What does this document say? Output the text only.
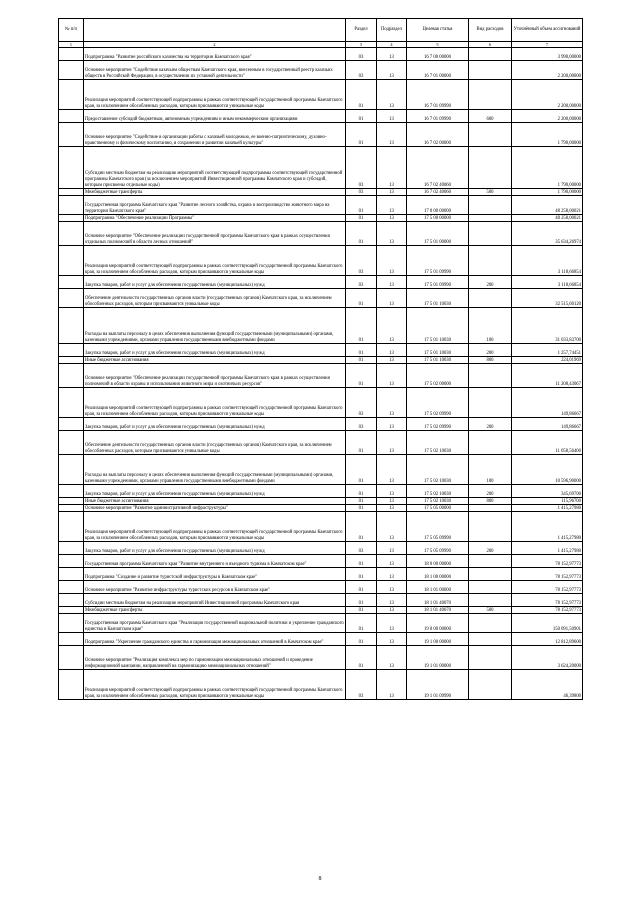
№ п/п		Раздел	Подраздел	Целевая статья	Вид расходов	Уточнённый объем ассигнований
1	2	3	4	5	6	7
	Подпрограмма "Развитие российского казачества на территории Камчатского края"	03	13	16 7 00 00000		3 990,00000
	Основное мероприятие "Содействие казачьим обществам Камчатского края, внесенным в государственный реестр казачьих обществ в Российской Федерации, в осуществлении их уставной деятельности"	03	13	16 7 01 00000		2 200,00000
	Реализация мероприятий соответствующей подпрограммы в рамках соответствующей государственной программы Камчатского края, за исключением обособленных расходов, которым присваиваются уникальные коды	01	13	16 7 01 09990		2 200,00000
	Предоставление субсидий бюджетным, автономным учреждениям и иным некоммерческим организациям	01	13	16 7 01 09990	600	2 200,00000
	Основное мероприятие "Содействие в организации работы с казачьей молодежью, ее военно-патриотическому, духовно-нравственному и физическому воспитанию, в сохранении и развитии казачьей культуры"	01	13	16 7 02 00000		1 790,00000
	Субсидии местным бюджетам на реализацию мероприятий соответствующей подпрограммы соответствующей государственной программы Камчатского края (за исключением мероприятий Инвестиционной программы Камчатского края и субсидий, которым присвоены отдельные коды)	03	13	16 7 02 40060		1 790,00000
	Межбюджетные трансферты	03	13	16 7 02 40060	500	1 790,00000
	Государственная программа Камчатского края "Развитие лесного хозяйства, охрана и воспроизводство животного мира на территории Камчатского края"	01	13	17 0 00 00000		48 258,00021
	Подпрограмма "Обеспечение реализации Программы"	01	13	17 5 00 00000		48 258,00021
	Основное мероприятие "Обеспечение реализации государственной программы Камчатского края в рамках осуществления отдельных полномочий в области лесных отношений"	01	13	17 5 01 00000		35 634,26974
	Реализация мероприятий соответствующей подпрограммы в рамках соответствующей государственной программы Камчатского края, за исключением обособленных расходов, которым присваиваются уникальные коды	03	13	17 5 01 09990		3 118,66854
	Закупка товаров, работ и услуг для обеспечения государственных (муниципальных) нужд	03	13	17 5 01 09990	200	3 118,66854
	Обеспечение деятельности государственных органов власти (государственных органов) Камчатского края, за исключением обособленных расходов, которым присваиваются уникальные коды	01	13	17 5 01 10030		32 515,60120
	Расходы на выплаты персоналу в целях обеспечения выполнения функций государственными (муниципальными) органами, казенными учреждениями, органами управления государственными внебюджетными фондами	01	13	17 5 01 10030	100	31 033,83700
	Закупка товаров, работ и услуг для обеспечения государственных (муниципальных) нужд	01	13	17 5 01 10030	200	1 257,74451
	Иные бюджетные ассигнования	01	13	17 5 01 10030	800	224,01969
	Основное мероприятие "Обеспечение реализации государственной программы Камчатского края в рамках осуществления полномочий в области охраны и использования животного мира и охотничьих ресурсов"	01	13	17 5 02 00000		11 208,43067
	Реализация мероприятий соответствующей подпрограммы в рамках соответствующей государственной программы Камчатского края, за исключением обособленных расходов, которым присваиваются уникальные коды	03	13	17 5 02 09990		149,86667
	Закупка товаров, работ и услуг для обеспечения государственных (муниципальных) нужд	03	13	17 5 02 09990	200	149,86667
	Обеспечение деятельности государственных органов власти (государственных органов) Камчатского края, за исключением обособленных расходов, которым присваиваются уникальные коды	01	13	17 5 02 10030		11 058,56400
	Расходы на выплаты персоналу в целях обеспечения выполнения функций государственными (муниципальными) органами, казенными учреждениями, органами управления государственными внебюджетными фондами	01	13	17 5 02 10030	100	10 596,90000
	Закупка товаров, работ и услуг для обеспечения государственных (муниципальных) нужд	01	13	17 5 02 10030	200	345,69700
	Иные бюджетные ассигнования	01	13	17 5 02 10030	800	115,96700
	Основное мероприятие "Развитие административной инфраструктуры"	01	13	17 5 05 00000		1 415,27980
	Реализация мероприятий соответствующей подпрограммы в рамках соответствующей государственной программы Камчатского края, за исключением обособленных расходов, которым присваиваются уникальные коды	01	13	17 5 05 09990		1 415,27980
	Закупка товаров, работ и услуг для обеспечения государственных (муниципальных) нужд	03	13	17 5 05 09990	200	1 415,27980
	Государственная программа Камчатского края "Развитие внутреннего и въездного туризма в Камчатском крае"	01	13	18 0 00 00000		78 152,97773
	Подпрограмма "Создание и развитие туристской инфраструктуры в Камчатском крае"	01	13	18 1 00 00000		78 152,97773
	Основное мероприятие "Развитие инфраструктуры туристских ресурсов в Камчатском крае"	01	13	18 1 01 00000		78 152,97773
	Субсидии местным бюджетам на реализацию мероприятий Инвестиционной программы Камчатского края	01	13	18 1 01 40070		78 152,97773
	Межбюджетные трансферты	01	13	18 1 01 40070	500	78 152,97773
	Государственная программа Камчатского края "Реализация государственной национальной политики и укрепление гражданского единства в Камчатском крае"	01	13	19 0 00 00000		150 091,50901
	Подпрограмма "Укрепление гражданского единства и гармонизация межнациональных отношений в Камчатском крае"	01	13	19 1 00 00000		12 812,89600
	Основное мероприятие "Реализация комплекса мер по гармонизации межнациональных отношений и проведение информационной кампании, направленной на гармонизацию межнациональных отношений"	01	13	19 1 01 00000		3 624,20000
	Реализация мероприятий соответствующей подпрограммы в рамках соответствующей государственной программы Камчатского края, за исключением обособленных расходов, которым присваиваются уникальные коды	03	13	19 1 01 09990		46,39800
8
